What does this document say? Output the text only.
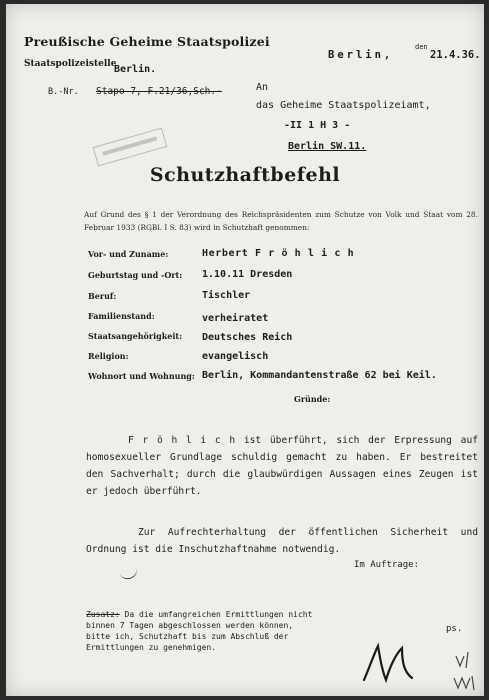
Preußische Geheime Staatspolizei
Staatspolizeistelle
Berlin.
B.-Nr. Stapo 7, F.21/36,Sch.-
Berlin,
den
21.4.36.
An
das Geheime Staatspolizeiamt,
-II 1 H 3 -
Berlin SW.11.
Schutzhaftbefehl
Auf Grund des § 1 der Verordnung des Reichspräsidenten zum Schutze von Volk und Staat vom 28. Februar 1933 (RGBl. I S. 83) wird in Schutzhaft genommen:
Vor- und Zuname:	Herbert F r ö h l i c h
Geburtstag und -Ort: 1.10.11 Dresden
Beruf:	Tischler
Familienstand:	verheiratet
Staatsangehörigkeit: Deutsches Reich
Religion:	evangelisch
Wohnort und Wohnung: Berlin, Kommandantenstraße 62 bei Keil.
Gründe:
F r ö h l i c h ist überführt, sich der Erpressung auf homosexueller Grundlage schuldig gemacht zu haben. Er bestreitet den Sachverhalt; durch die glaubwürdigen Aussagen eines Zeugen ist er jedoch überführt.
Zur Aufrechterhaltung der öffentlichen Sicherheit und Ordnung ist die Inschutzhaftnahme notwendig.
Im Auftrage:
Zusatz: Da die umfangreichen Ermittlungen nicht binnen 7 Tagen abgeschlossen werden können, bitte ich, Schutzhaft bis zum Abschluß der Ermittlungen zu genehmigen.
ps.
